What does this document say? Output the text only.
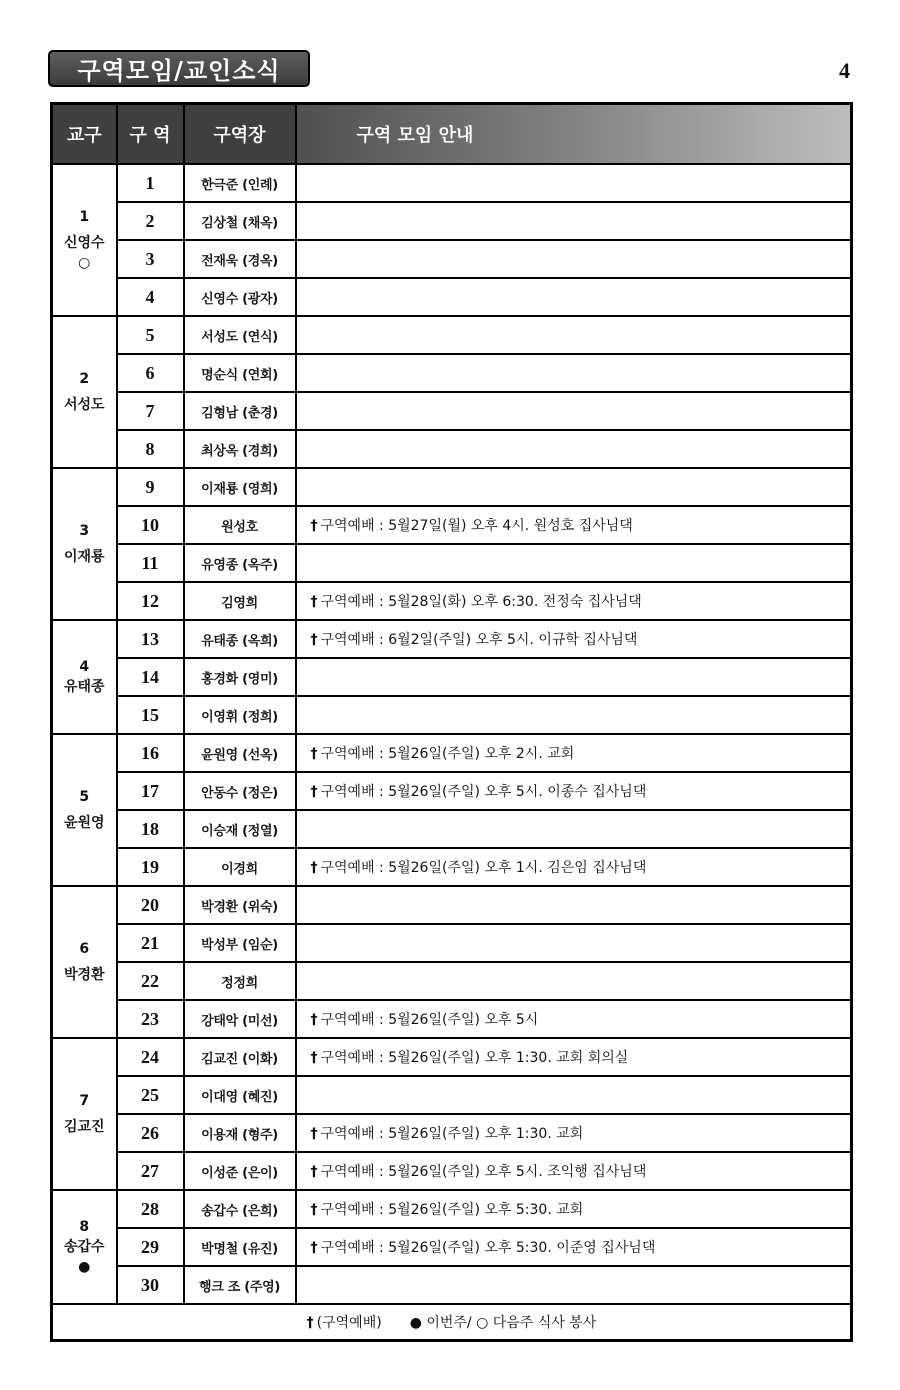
구역모임/교인소식	4
교구	구 역	구역장	구역 모임 안내

1
신영수
○	1	한극준 (인례)	
	2	김상철 (채옥)	
	3	전재욱 (경옥)	
	4	신영수 (광자)	

2
서성도	5	서성도 (연식)	
	6	명순식 (연회)	
	7	김형남 (춘경)	
	8	최상옥 (경희)	

3
이재룡	9	이재룡 (영희)	
	10	원성호	† 구역예배 : 5월27일(월) 오후 4시. 원성호 집사님댁
	11	유영종 (옥주)	
	12	김영희	† 구역예배 : 5월28일(화) 오후 6:30. 전정숙 집사님댁

4
유태종	13	유태종 (옥희)	† 구역예배 : 6월2일(주일) 오후 5시. 이규학 집사님댁
	14	홍경화 (영미)	
	15	이영휘 (정희)	

5
윤원영	16	윤원영 (선옥)	† 구역예배 : 5월26일(주일) 오후 2시. 교회
	17	안동수 (정은)	† 구역예배 : 5월26일(주일) 오후 5시. 이종수 집사님댁
	18	이승재 (정열)	
	19	이경희	† 구역예배 : 5월26일(주일) 오후 1시. 김은임 집사님댁

6
박경환	20	박경환 (위숙)	
	21	박성부 (임순)	
	22	정정희	
	23	강태악 (미선)	† 구역예배 : 5월26일(주일) 오후 5시

7
김교진	24	김교진 (이화)	† 구역예배 : 5월26일(주일) 오후 1:30. 교회 회의실
	25	이대영 (혜진)	
	26	이용재 (형주)	† 구역예배 : 5월26일(주일) 오후 1:30. 교회
	27	이성준 (은이)	† 구역예배 : 5월26일(주일) 오후 5시. 조익행 집사님댁

8
송갑수
●	28	송갑수 (은희)	† 구역예배 : 5월26일(주일) 오후 5:30. 교회
	29	박명철 (유진)	† 구역예배 : 5월26일(주일) 오후 5:30. 이준영 집사님댁
	30	행크 조 (주영)	
† (구역예배) ● 이번주/ ○ 다음주 식사 봉사			
